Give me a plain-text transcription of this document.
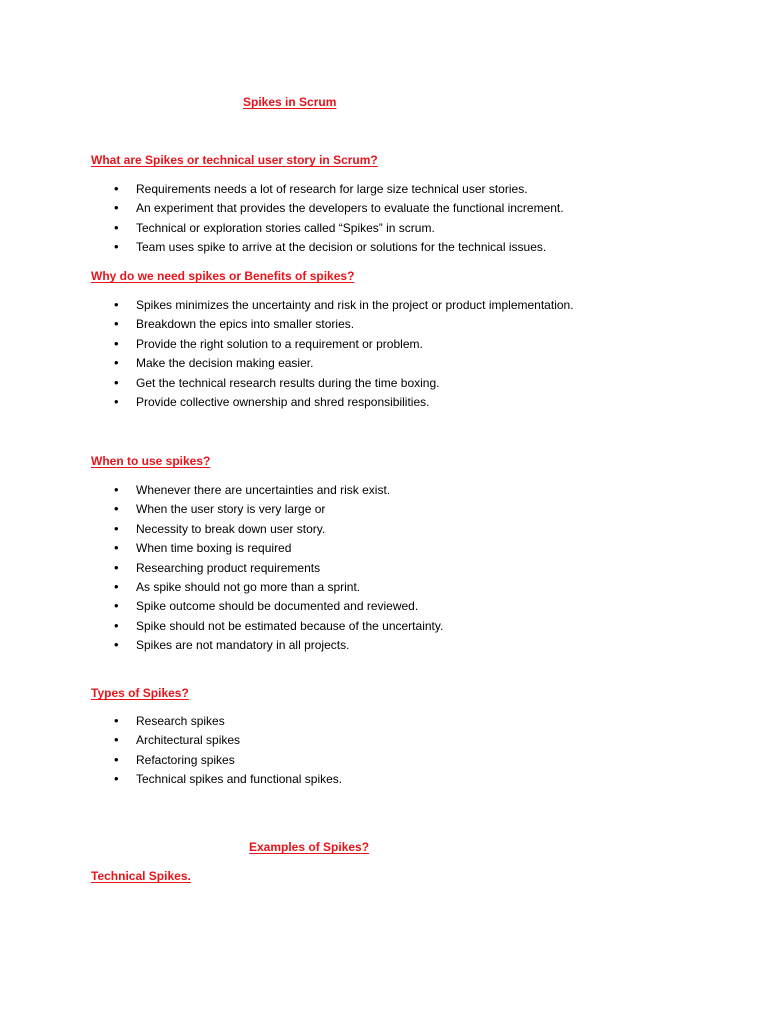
Spikes in Scrum
What are Spikes or technical user story in Scrum?
• Requirements needs a lot of research for large size technical user stories.
• An experiment that provides the developers to evaluate the functional increment.
• Technical or exploration stories called “Spikes” in scrum.
• Team uses spike to arrive at the decision or solutions for the technical issues.
Why do we need spikes or Benefits of spikes?
• Spikes minimizes the uncertainty and risk in the project or product implementation.
• Breakdown the epics into smaller stories.
• Provide the right solution to a requirement or problem.
• Make the decision making easier.
• Get the technical research results during the time boxing.
• Provide collective ownership and shred responsibilities.
When to use spikes?
• Whenever there are uncertainties and risk exist.
• When the user story is very large or
• Necessity to break down user story.
• When time boxing is required
• Researching product requirements
• As spike should not go more than a sprint.
• Spike outcome should be documented and reviewed.
• Spike should not be estimated because of the uncertainty.
• Spikes are not mandatory in all projects.
Types of Spikes?
• Research spikes
• Architectural spikes
• Refactoring spikes
• Technical spikes and functional spikes.
Examples of Spikes?
Technical Spikes.
